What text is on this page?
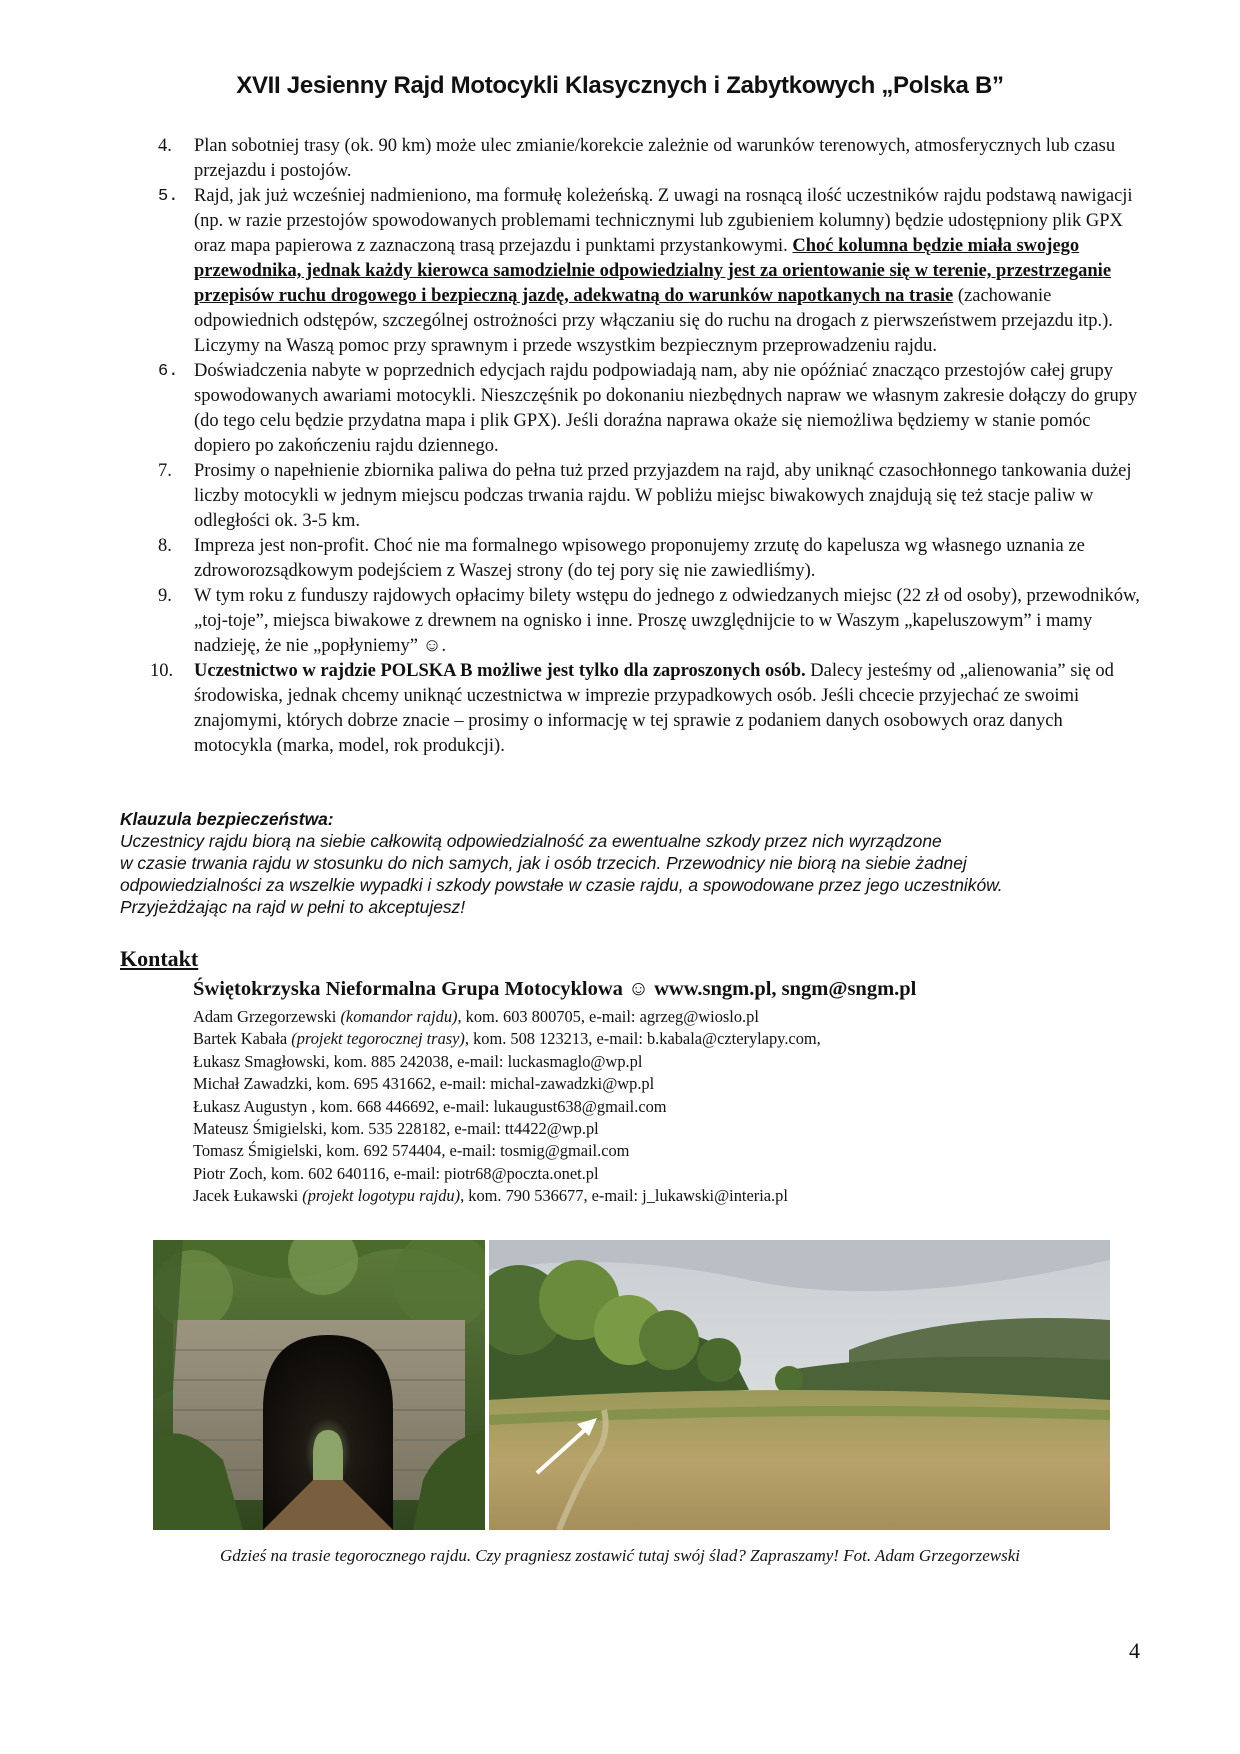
XVII Jesienny Rajd Motocykli Klasycznych i Zabytkowych „Polska B”
4. Plan sobotniej trasy (ok. 90 km) może ulec zmianie/korekcie zależnie od warunków terenowych, atmosferycznych lub czasu przejazdu i postojów.
5. Rajd, jak już wcześniej nadmieniono, ma formułę koleżeńską. Z uwagi na rosnącą ilość uczestników rajdu podstawą nawigacji (np. w razie przestojów spowodowanych problemami technicznymi lub zgubieniem kolumny) będzie udostępniony plik GPX oraz mapa papierowa z zaznaczoną trasą przejazdu i punktami przystankowymi. Choć kolumna będzie miała swojego przewodnika, jednak każdy kierowca samodzielnie odpowiedzialny jest za orientowanie się w terenie, przestrzeganie przepisów ruchu drogowego i bezpieczną jazdę, adekwatną do warunków napotkanych na trasie (zachowanie odpowiednich odstępów, szczególnej ostrożności przy włączaniu się do ruchu na drogach z pierwszeństwem przejazdu itp.). Liczymy na Waszą pomoc przy sprawnym i przede wszystkim bezpiecznym przeprowadzeniu rajdu.
6. Doświadczenia nabyte w poprzednich edycjach rajdu podpowiadają nam, aby nie opóźniać znacząco przestojów całej grupy spowodowanych awariami motocykli. Nieszczęśnik po dokonaniu niezbędnych napraw we własnym zakresie dołączy do grupy (do tego celu będzie przydatna mapa i plik GPX). Jeśli doraźna naprawa okaże się niemożliwa będziemy w stanie pomóc dopiero po zakończeniu rajdu dziennego.
7. Prosimy o napełnienie zbiornika paliwa do pełna tuż przed przyjazdem na rajd, aby uniknąć czasochłonnego tankowania dużej liczby motocykli w jednym miejscu podczas trwania rajdu. W pobliżu miejsc biwakowych znajdują się też stacje paliw w odległości ok. 3-5 km.
8. Impreza jest non-profit. Choć nie ma formalnego wpisowego proponujemy zrzutę do kapelusza wg własnego uznania ze zdroworozsądkowym podejściem z Waszej strony (do tej pory się nie zawiedliśmy).
9. W tym roku z funduszy rajdowych opłacimy bilety wstępu do jednego z odwiedzanych miejsc (22 zł od osoby), przewodników, „toj-toje”, miejsca biwakowe z drewnem na ognisko i inne. Proszę uwzględnijcie to w Waszym „kapeluszowym” i mamy nadzieję, że nie „popłyniemy” ☺.
10. Uczestnictwo w rajdzie POLSKA B możliwe jest tylko dla zaproszonych osób. Dalecy jesteśmy od „alienowania” się od środowiska, jednak chcemy uniknąć uczestnictwa w imprezie przypadkowych osób. Jeśli chcecie przyjechać ze swoimi znajomymi, których dobrze znacie – prosimy o informację w tej sprawie z podaniem danych osobowych oraz danych motocykla (marka, model, rok produkcji).
Klauzula bezpieczeństwa:
Uczestnicy rajdu biorą na siebie całkowitą odpowiedzialność za ewentualne szkody przez nich wyrządzone
w czasie trwania rajdu w stosunku do nich samych, jak i osób trzecich. Przewodnicy nie biorą na siebie żadnej
odpowiedzialności za wszelkie wypadki i szkody powstałe w czasie rajdu, a spowodowane przez jego uczestników.
Przyjeżdżając na rajd w pełni to akceptujesz!
Kontakt
Świętokrzyska Nieformalna Grupa Motocyklowa ☺ www.sngm.pl, sngm@sngm.pl
Adam Grzegorzewski (komandor rajdu), kom. 603 800705, e-mail: agrzeg@wioslo.pl
Bartek Kabała (projekt tegorocznej trasy), kom. 508 123213, e-mail: b.kabala@czterylapy.com,
Łukasz Smagłowski, kom. 885 242038, e-mail: luckasmaglo@wp.pl
Michał Zawadzki, kom. 695 431662, e-mail: michal-zawadzki@wp.pl
Łukasz Augustyn , kom. 668 446692, e-mail: lukaugust638@gmail.com
Mateusz Śmigielski, kom. 535 228182, e-mail: tt4422@wp.pl
Tomasz Śmigielski, kom. 692 574404, e-mail: tosmig@gmail.com
Piotr Zoch, kom. 602 640116, e-mail: piotr68@poczta.onet.pl
Jacek Łukawski (projekt logotypu rajdu), kom. 790 536677, e-mail: j_lukawski@interia.pl
Gdzieś na trasie tegorocznego rajdu. Czy pragniesz zostawić tutaj swój ślad? Zapraszamy! Fot. Adam Grzegorzewski
4
